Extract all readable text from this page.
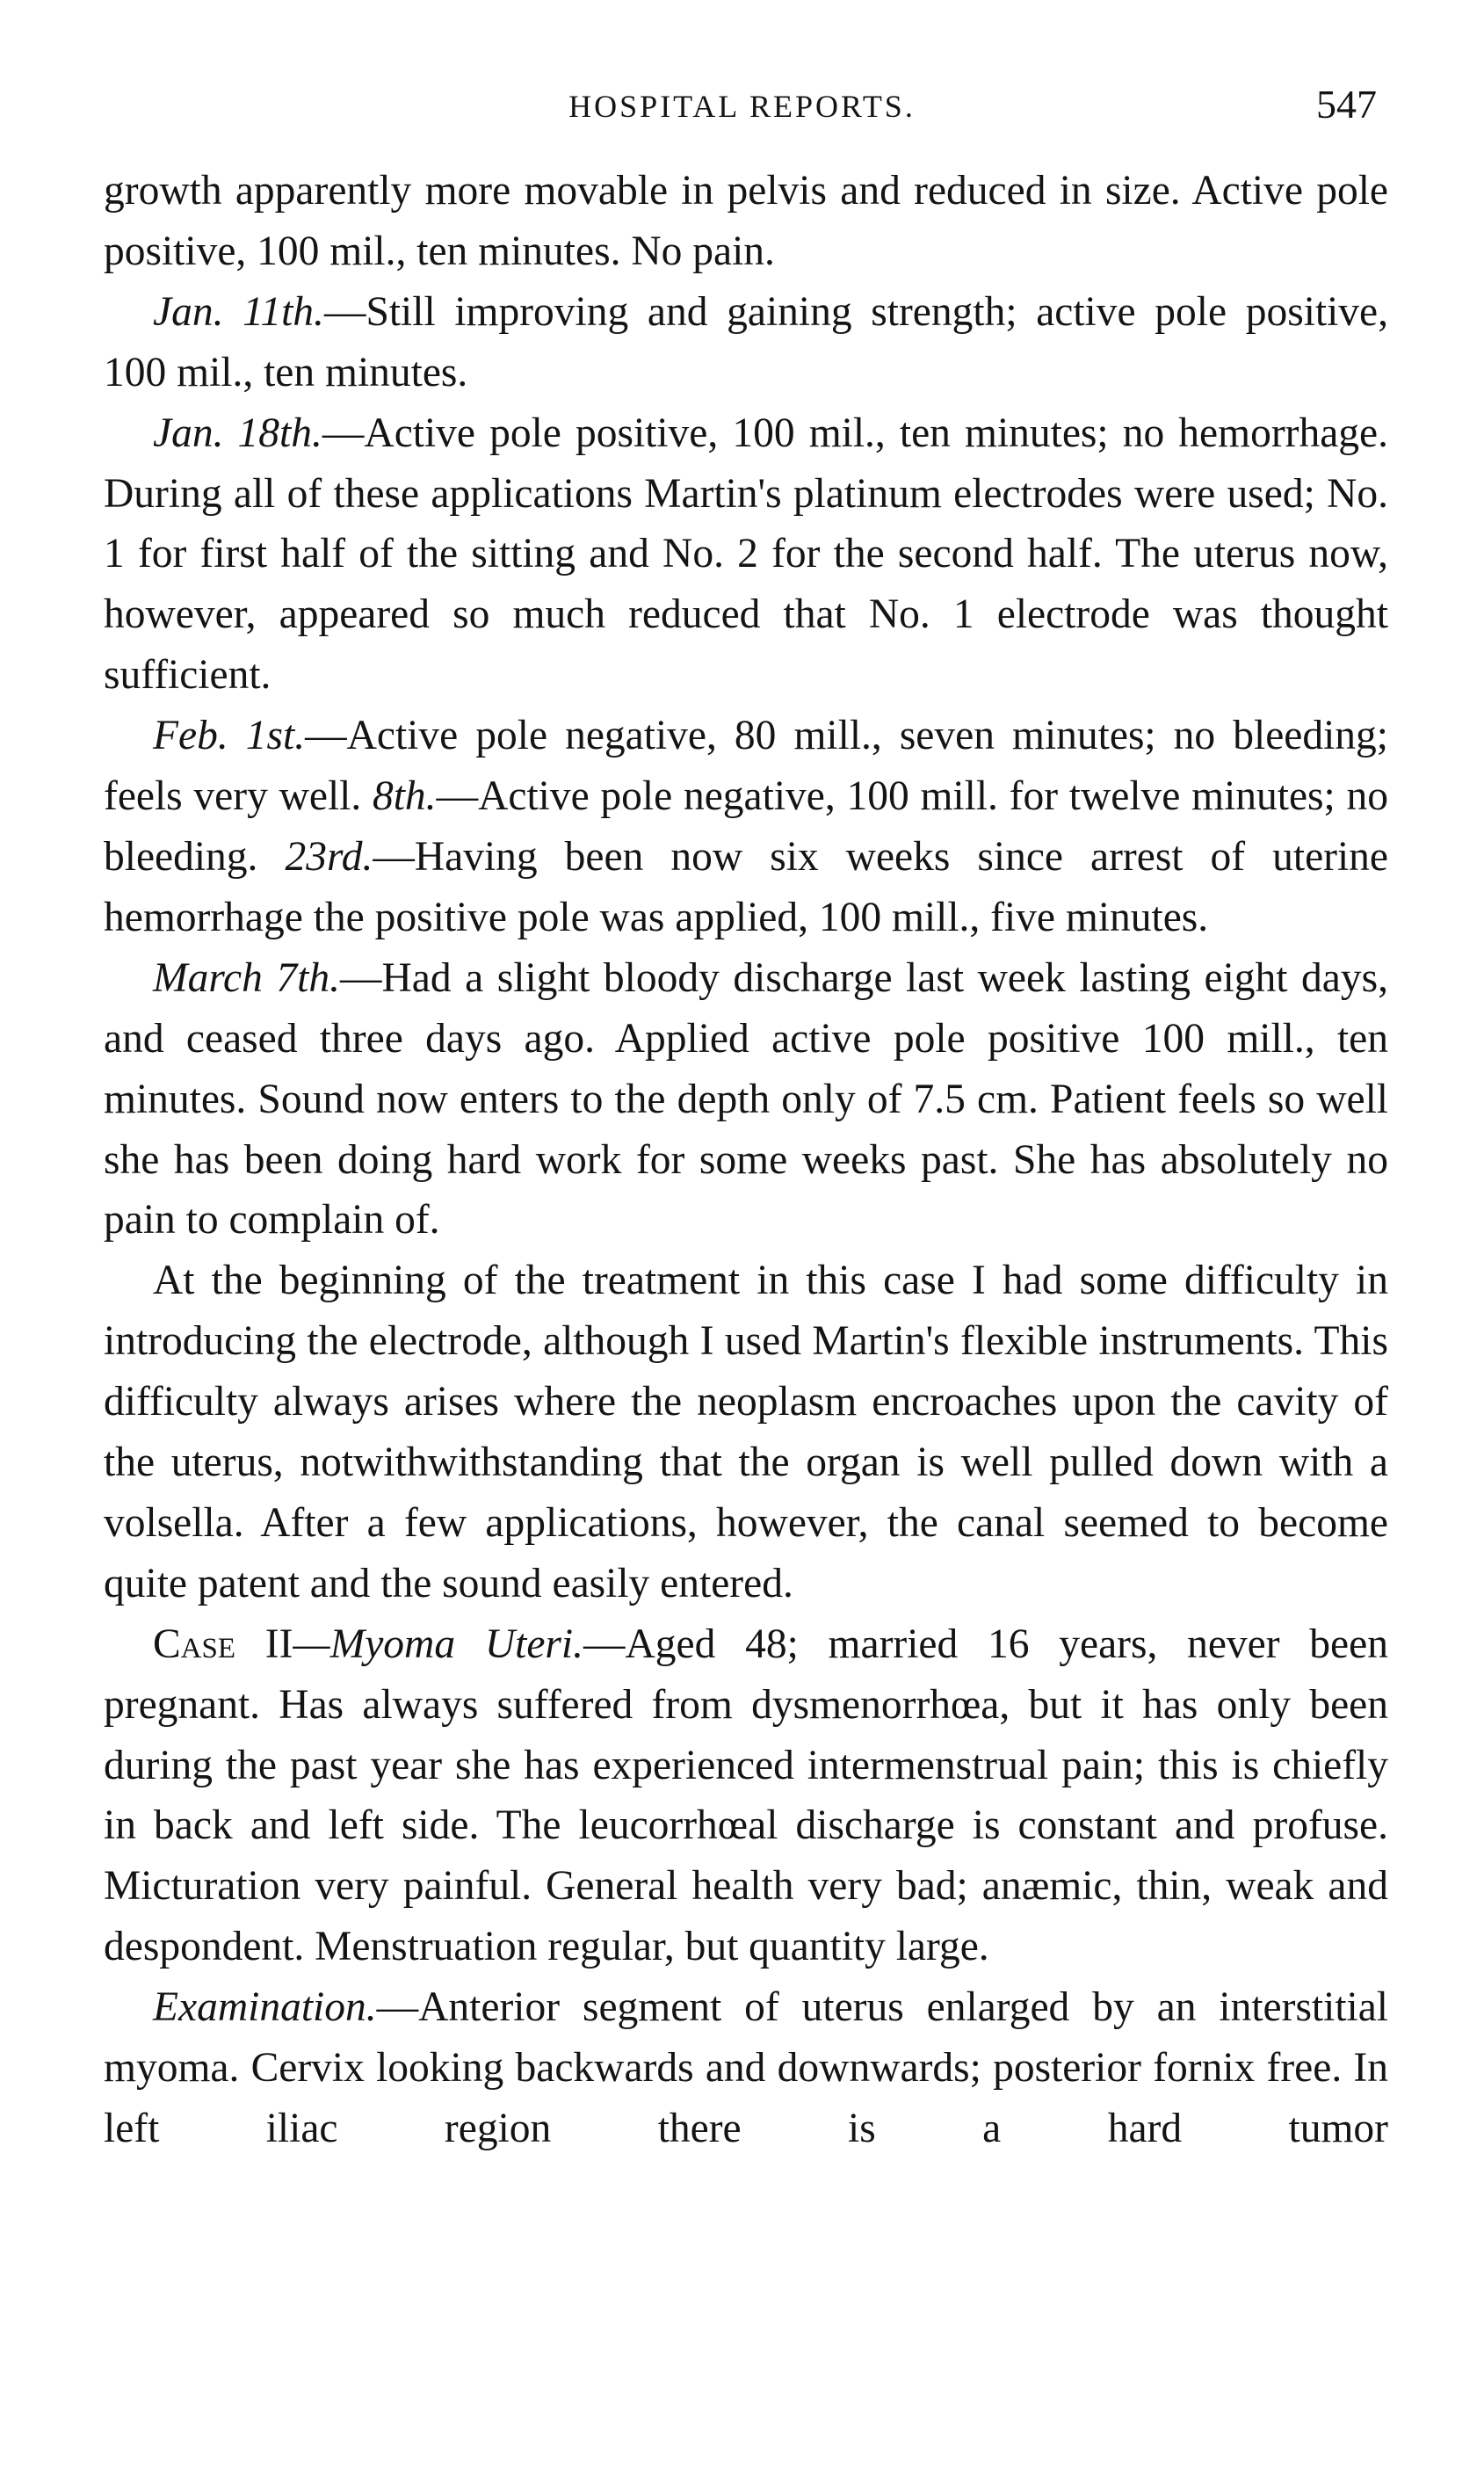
HOSPITAL REPORTS.	547

growth apparently more movable in pelvis and reduced in size. Active pole positive, 100 mil., ten minutes. No pain.

Jan. 11th.—Still improving and gaining strength; active pole positive, 100 mil., ten minutes.

Jan. 18th.—Active pole positive, 100 mil., ten minutes; no hemorrhage. During all of these applications Martin's platinum electrodes were used; No. 1 for first half of the sitting and No. 2 for the second half. The uterus now, however, appeared so much reduced that No. 1 electrode was thought sufficient.

Feb. 1st.—Active pole negative, 80 mill., seven minutes; no bleeding; feels very well. 8th.—Active pole negative, 100 mill. for twelve minutes; no bleeding. 23rd.—Having been now six weeks since arrest of uterine hemorrhage the positive pole was applied, 100 mill., five minutes.

March 7th.—Had a slight bloody discharge last week lasting eight days, and ceased three days ago. Applied active pole positive 100 mill., ten minutes. Sound now enters to the depth only of 7.5 cm. Patient feels so well she has been doing hard work for some weeks past. She has absolutely no pain to complain of.

At the beginning of the treatment in this case I had some difficulty in introducing the electrode, although I used Martin's flexible instruments. This difficulty always arises where the neoplasm encroaches upon the cavity of the uterus, notwithwithstanding that the organ is well pulled down with a volsella. After a few applications, however, the canal seemed to become quite patent and the sound easily entered.

Case II—Myoma Uteri.—Aged 48; married 16 years, never been pregnant. Has always suffered from dysmenorrhœa, but it has only been during the past year she has experienced intermenstrual pain; this is chiefly in back and left side. The leucorrhœal discharge is constant and profuse. Micturation very painful. General health very bad; anæmic, thin, weak and despondent. Menstruation regular, but quantity large.

Examination.—Anterior segment of uterus enlarged by an interstitial myoma. Cervix looking backwards and downwards; posterior fornix free. In left iliac region there is a hard tumor
